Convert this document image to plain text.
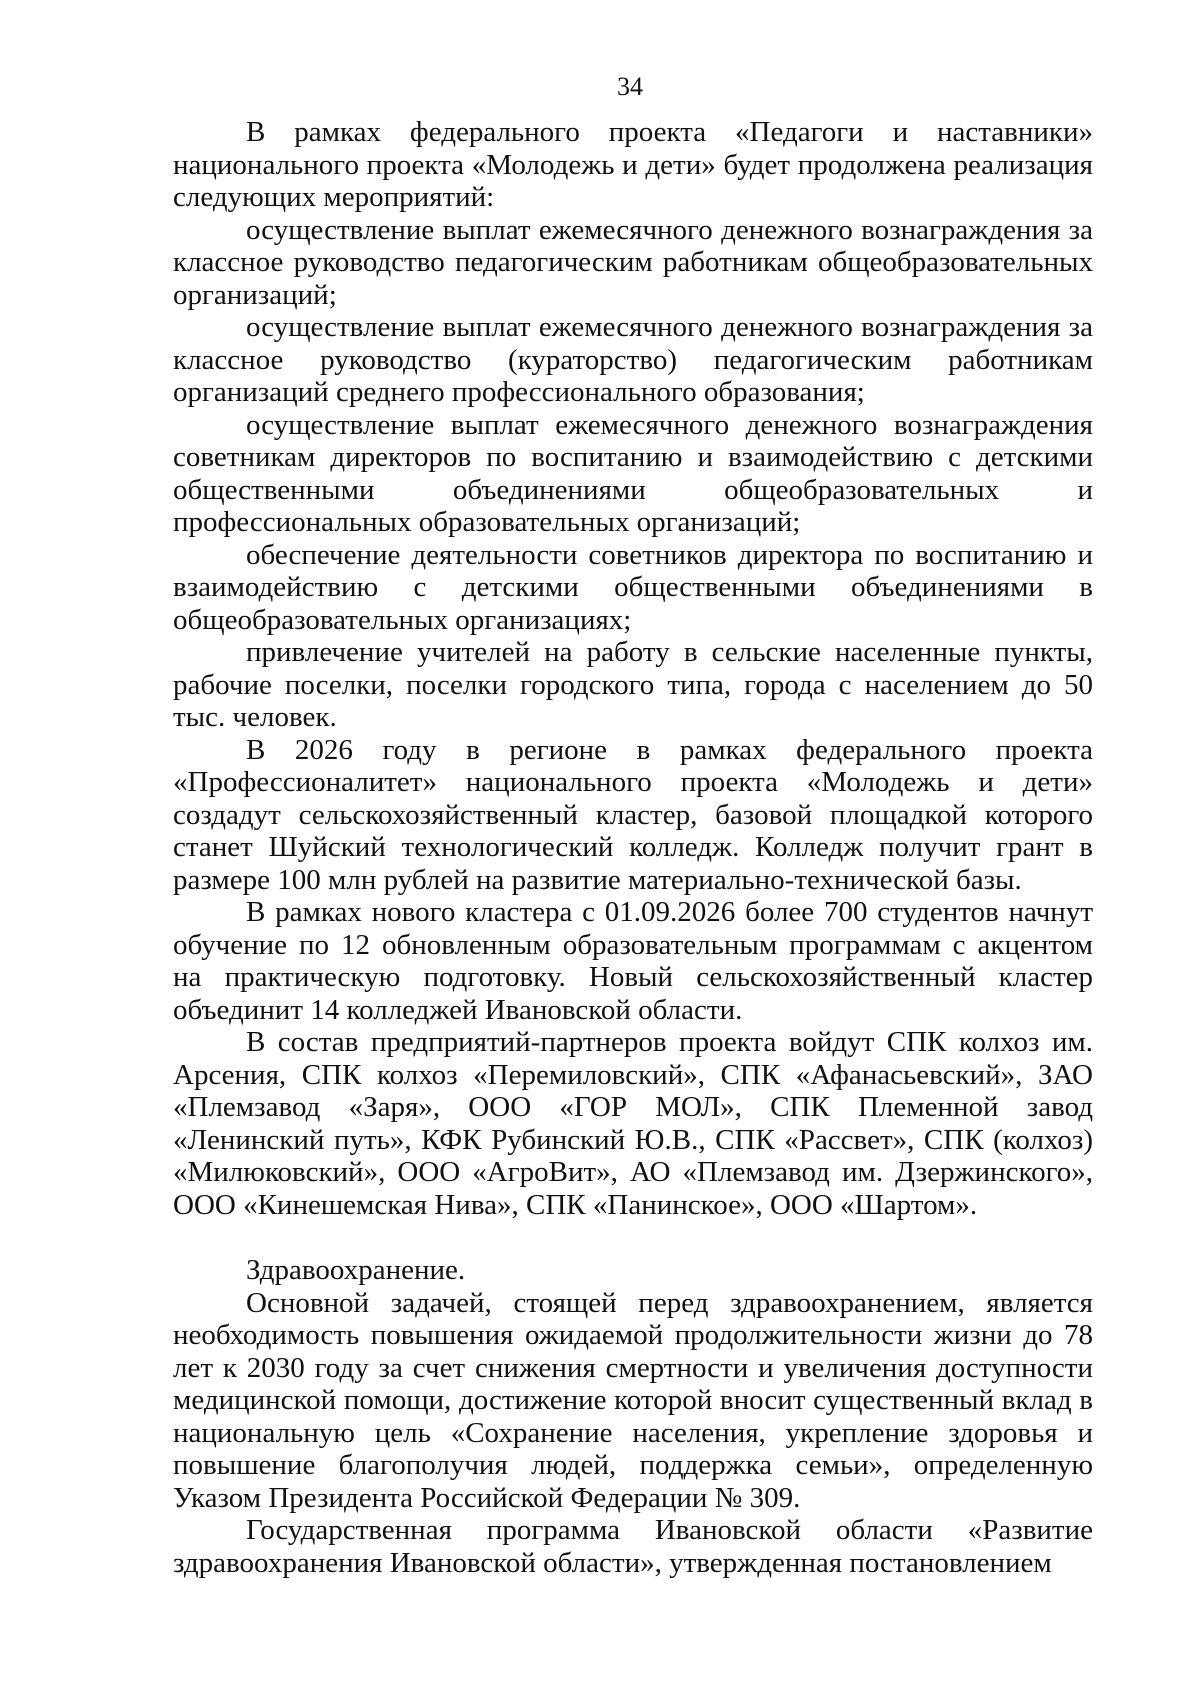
34

В рамках федерального проекта «Педагоги и наставники» национального проекта «Молодежь и дети» будет продолжена реализация следующих мероприятий:

осуществление выплат ежемесячного денежного вознаграждения за классное руководство педагогическим работникам общеобразовательных организаций;

осуществление выплат ежемесячного денежного вознаграждения за классное руководство (кураторство) педагогическим работникам организаций среднего профессионального образования;

осуществление выплат ежемесячного денежного вознаграждения советникам директоров по воспитанию и взаимодействию с детскими общественными объединениями общеобразовательных и профессиональных образовательных организаций;

обеспечение деятельности советников директора по воспитанию и взаимодействию с детскими общественными объединениями в общеобразовательных организациях;

привлечение учителей на работу в сельские населенные пункты, рабочие поселки, поселки городского типа, города с населением до 50 тыс. человек.

В 2026 году в регионе в рамках федерального проекта «Профессионалитет» национального проекта «Молодежь и дети» создадут сельскохозяйственный кластер, базовой площадкой которого станет Шуйский технологический колледж. Колледж получит грант в размере 100 млн рублей на развитие материально-технической базы.

В рамках нового кластера с 01.09.2026 более 700 студентов начнут обучение по 12 обновленным образовательным программам с акцентом на практическую подготовку. Новый сельскохозяйственный кластер объединит 14 колледжей Ивановской области.

В состав предприятий-партнеров проекта войдут СПК колхоз им. Арсения, СПК колхоз «Перемиловский», СПК «Афанасьевский», ЗАО «Племзавод «Заря», ООО «ГОР МОЛ», СПК Племенной завод «Ленинский путь», КФК Рубинский Ю.В., СПК «Рассвет», СПК (колхоз) «Милюковский», ООО «АгроВит», АО «Племзавод им. Дзержинского», ООО «Кинешемская Нива», СПК «Панинское», ООО «Шартом».

Здравоохранение.

Основной задачей, стоящей перед здравоохранением, является необходимость повышения ожидаемой продолжительности жизни до 78 лет к 2030 году за счет снижения смертности и увеличения доступности медицинской помощи, достижение которой вносит существенный вклад в национальную цель «Сохранение населения, укрепление здоровья и повышение благополучия людей, поддержка семьи», определенную Указом Президента Российской Федерации № 309.

Государственная программа Ивановской области «Развитие здравоохранения Ивановской области», утвержденная постановлением
